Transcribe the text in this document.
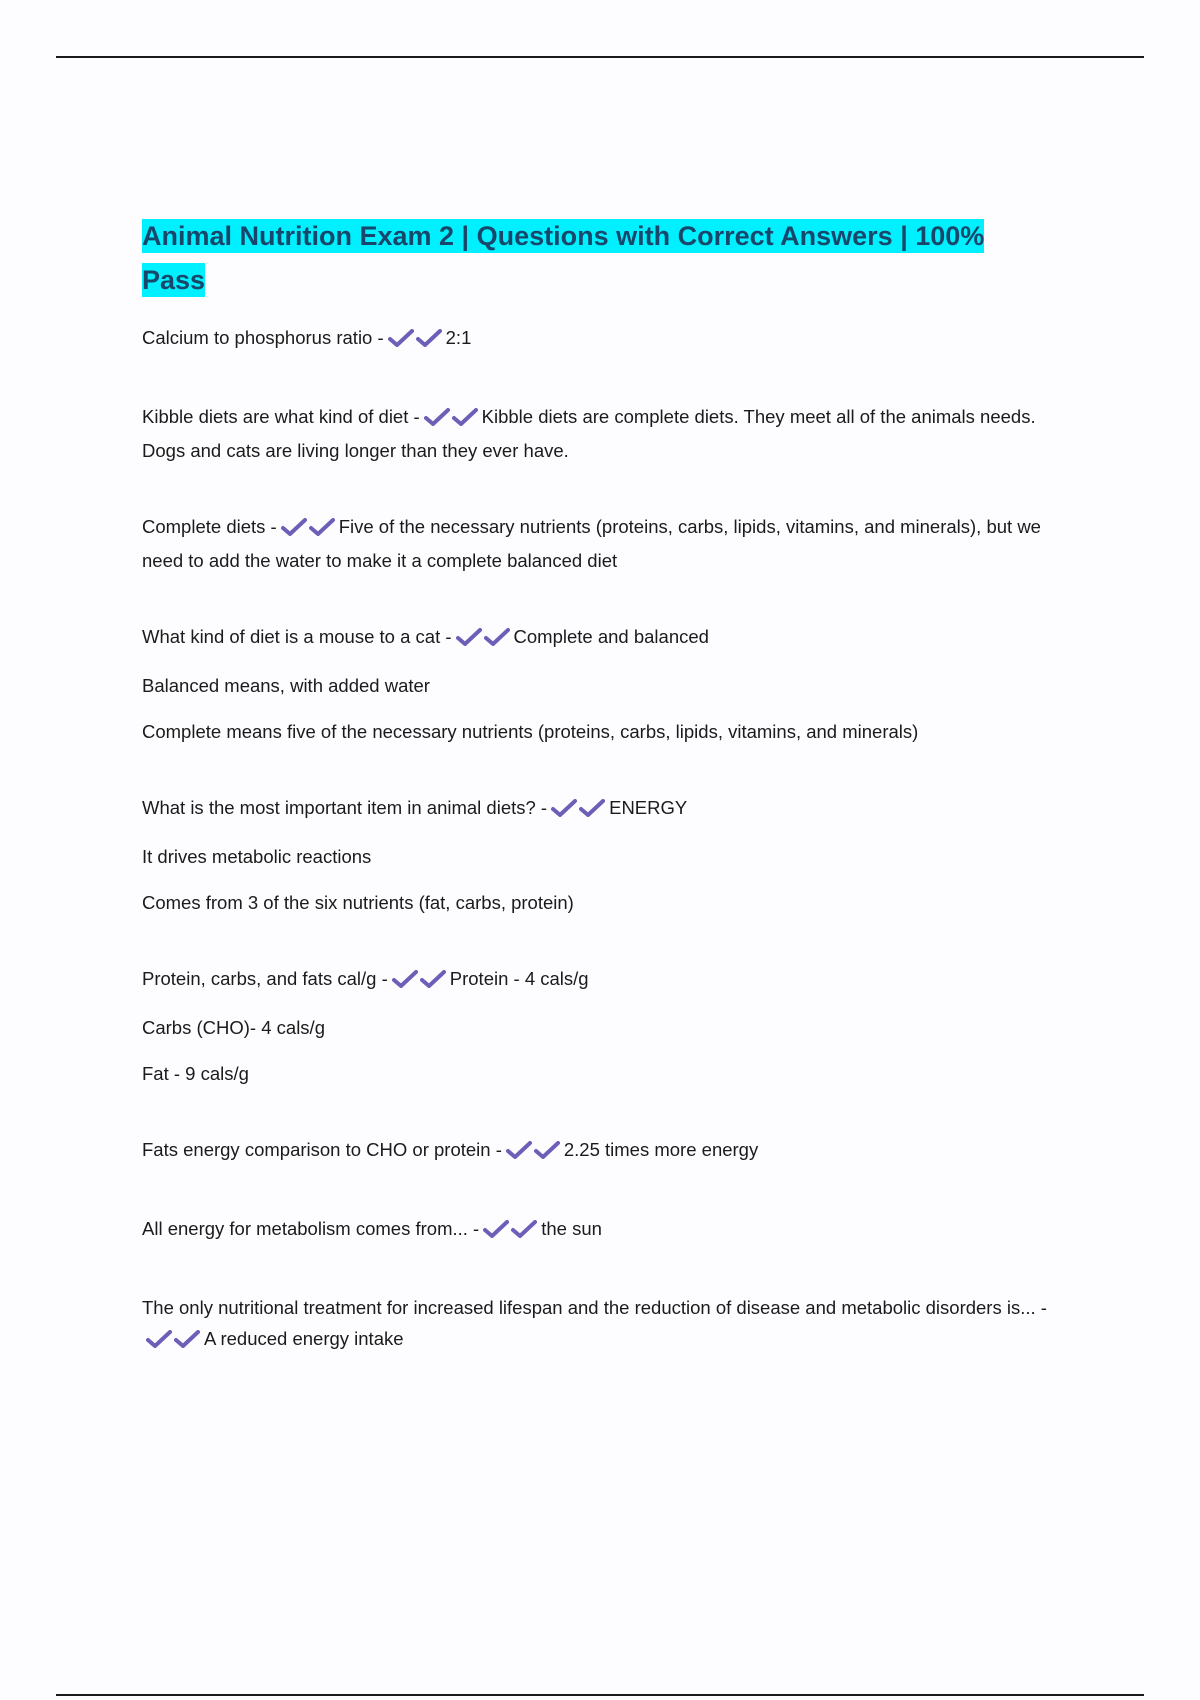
Animal Nutrition Exam 2 | Questions with Correct Answers | 100% Pass

Calcium to phosphorus ratio -	2:1

Kibble diets are what kind of diet -	Kibble diets are complete diets. They meet all of the animals needs. Dogs and cats are living longer than they ever have.

Complete diets -	Five of the necessary nutrients (proteins, carbs, lipids, vitamins, and minerals), but we need to add the water to make it a complete balanced diet

What kind of diet is a mouse to a cat -	Complete and balanced

Balanced means, with added water

Complete means five of the necessary nutrients (proteins, carbs, lipids, vitamins, and minerals)

What is the most important item in animal diets? -	ENERGY

It drives metabolic reactions

Comes from 3 of the six nutrients (fat, carbs, protein)

Protein, carbs, and fats cal/g -	Protein - 4 cals/g

Carbs (CHO)- 4 cals/g

Fat - 9 cals/g

Fats energy comparison to CHO or protein -	2.25 times more energy

All energy for metabolism comes from... -	the sun

The only nutritional treatment for increased lifespan and the reduction of disease and metabolic disorders is... -A reduced energy intake
